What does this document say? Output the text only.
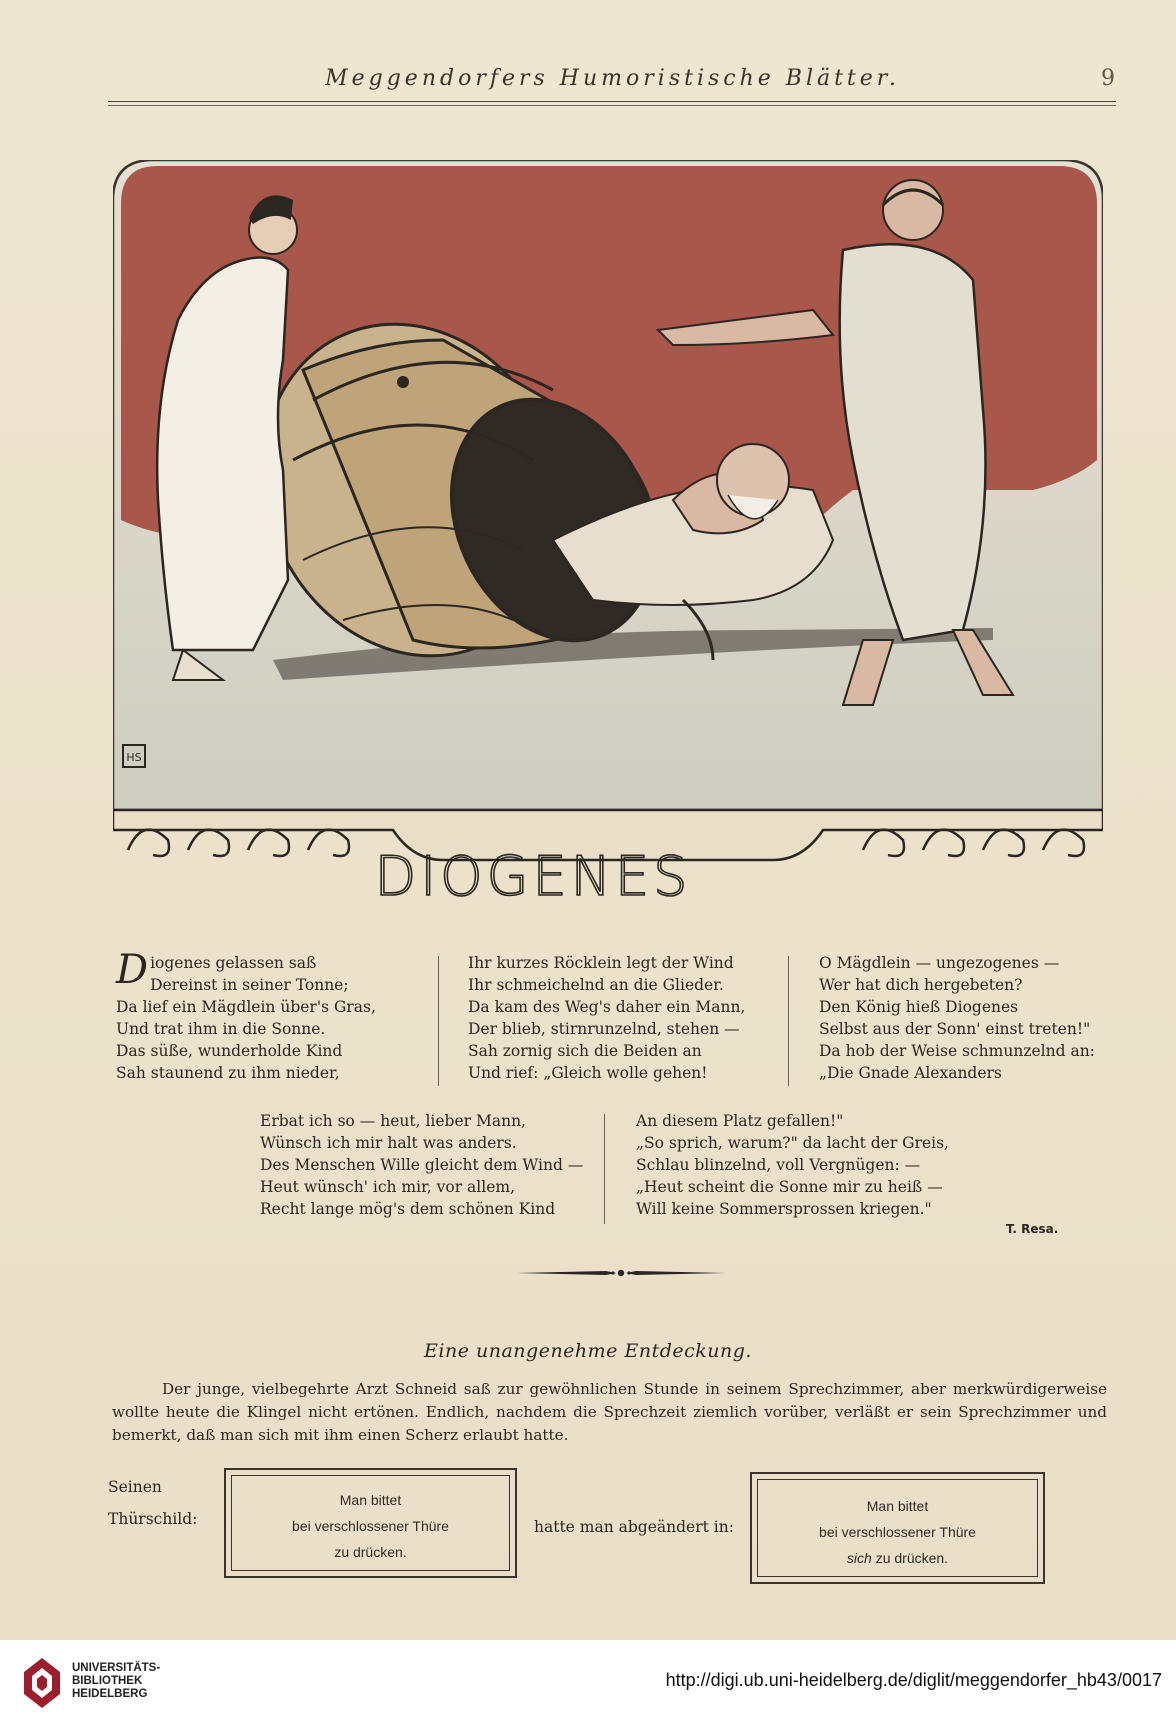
Meggendorfers Humoristische Blätter.	9
HS
DIOGENES
Diogenes gelassen saß
Dereinst in seiner Tonne;
Da lief ein Mägdlein über's Gras,
Und trat ihm in die Sonne.
Das süße, wunderholde Kind
Sah staunend zu ihm nieder,
Ihr kurzes Röcklein legt der Wind
Ihr schmeichelnd an die Glieder.
Da kam des Weg's daher ein Mann,
Der blieb, stirnrunzelnd, stehen —
Sah zornig sich die Beiden an
Und rief: „Gleich wolle gehen!
O Mägdlein — ungezogenes —
Wer hat dich hergebeten?
Den König hieß Diogenes
Selbst aus der Sonn' einst treten!"
Da hob der Weise schmunzelnd an:
„Die Gnade Alexanders
Erbat ich so — heut, lieber Mann,
Wünsch ich mir halt was anders.
Des Menschen Wille gleicht dem Wind —
Heut wünsch' ich mir, vor allem,
Recht lange mög's dem schönen Kind
An diesem Platz gefallen!"
„So sprich, warum?" da lacht der Greis,
Schlau blinzelnd, voll Vergnügen: —
„Heut scheint die Sonne mir zu heiß —
Will keine Sommersprossen kriegen."
T. Resa.
Eine unangenehme Entdeckung.

Der junge, vielbegehrte Arzt Schneid saß zur gewöhnlichen Stunde in seinem Sprechzimmer, aber merkwürdigerweise wollte heute die Klingel nicht ertönen. Endlich, nachdem die Sprechzeit ziemlich vorüber, verläßt er sein Sprechzimmer und bemerkt, daß man sich mit ihm einen Scherz erlaubt hatte.

Seinen
Thürschild:
Man bittet
bei verschlossener Thüre
zu drücken.
hatte man abgeändert in:
Man bittet
bei verschlossener Thüre
sich zu drücken.
UNIVERSITÄTS-
BIBLIOTHEK
HEIDELBERG
http://digi.ub.uni-heidelberg.de/diglit/meggendorfer_hb43/0017
